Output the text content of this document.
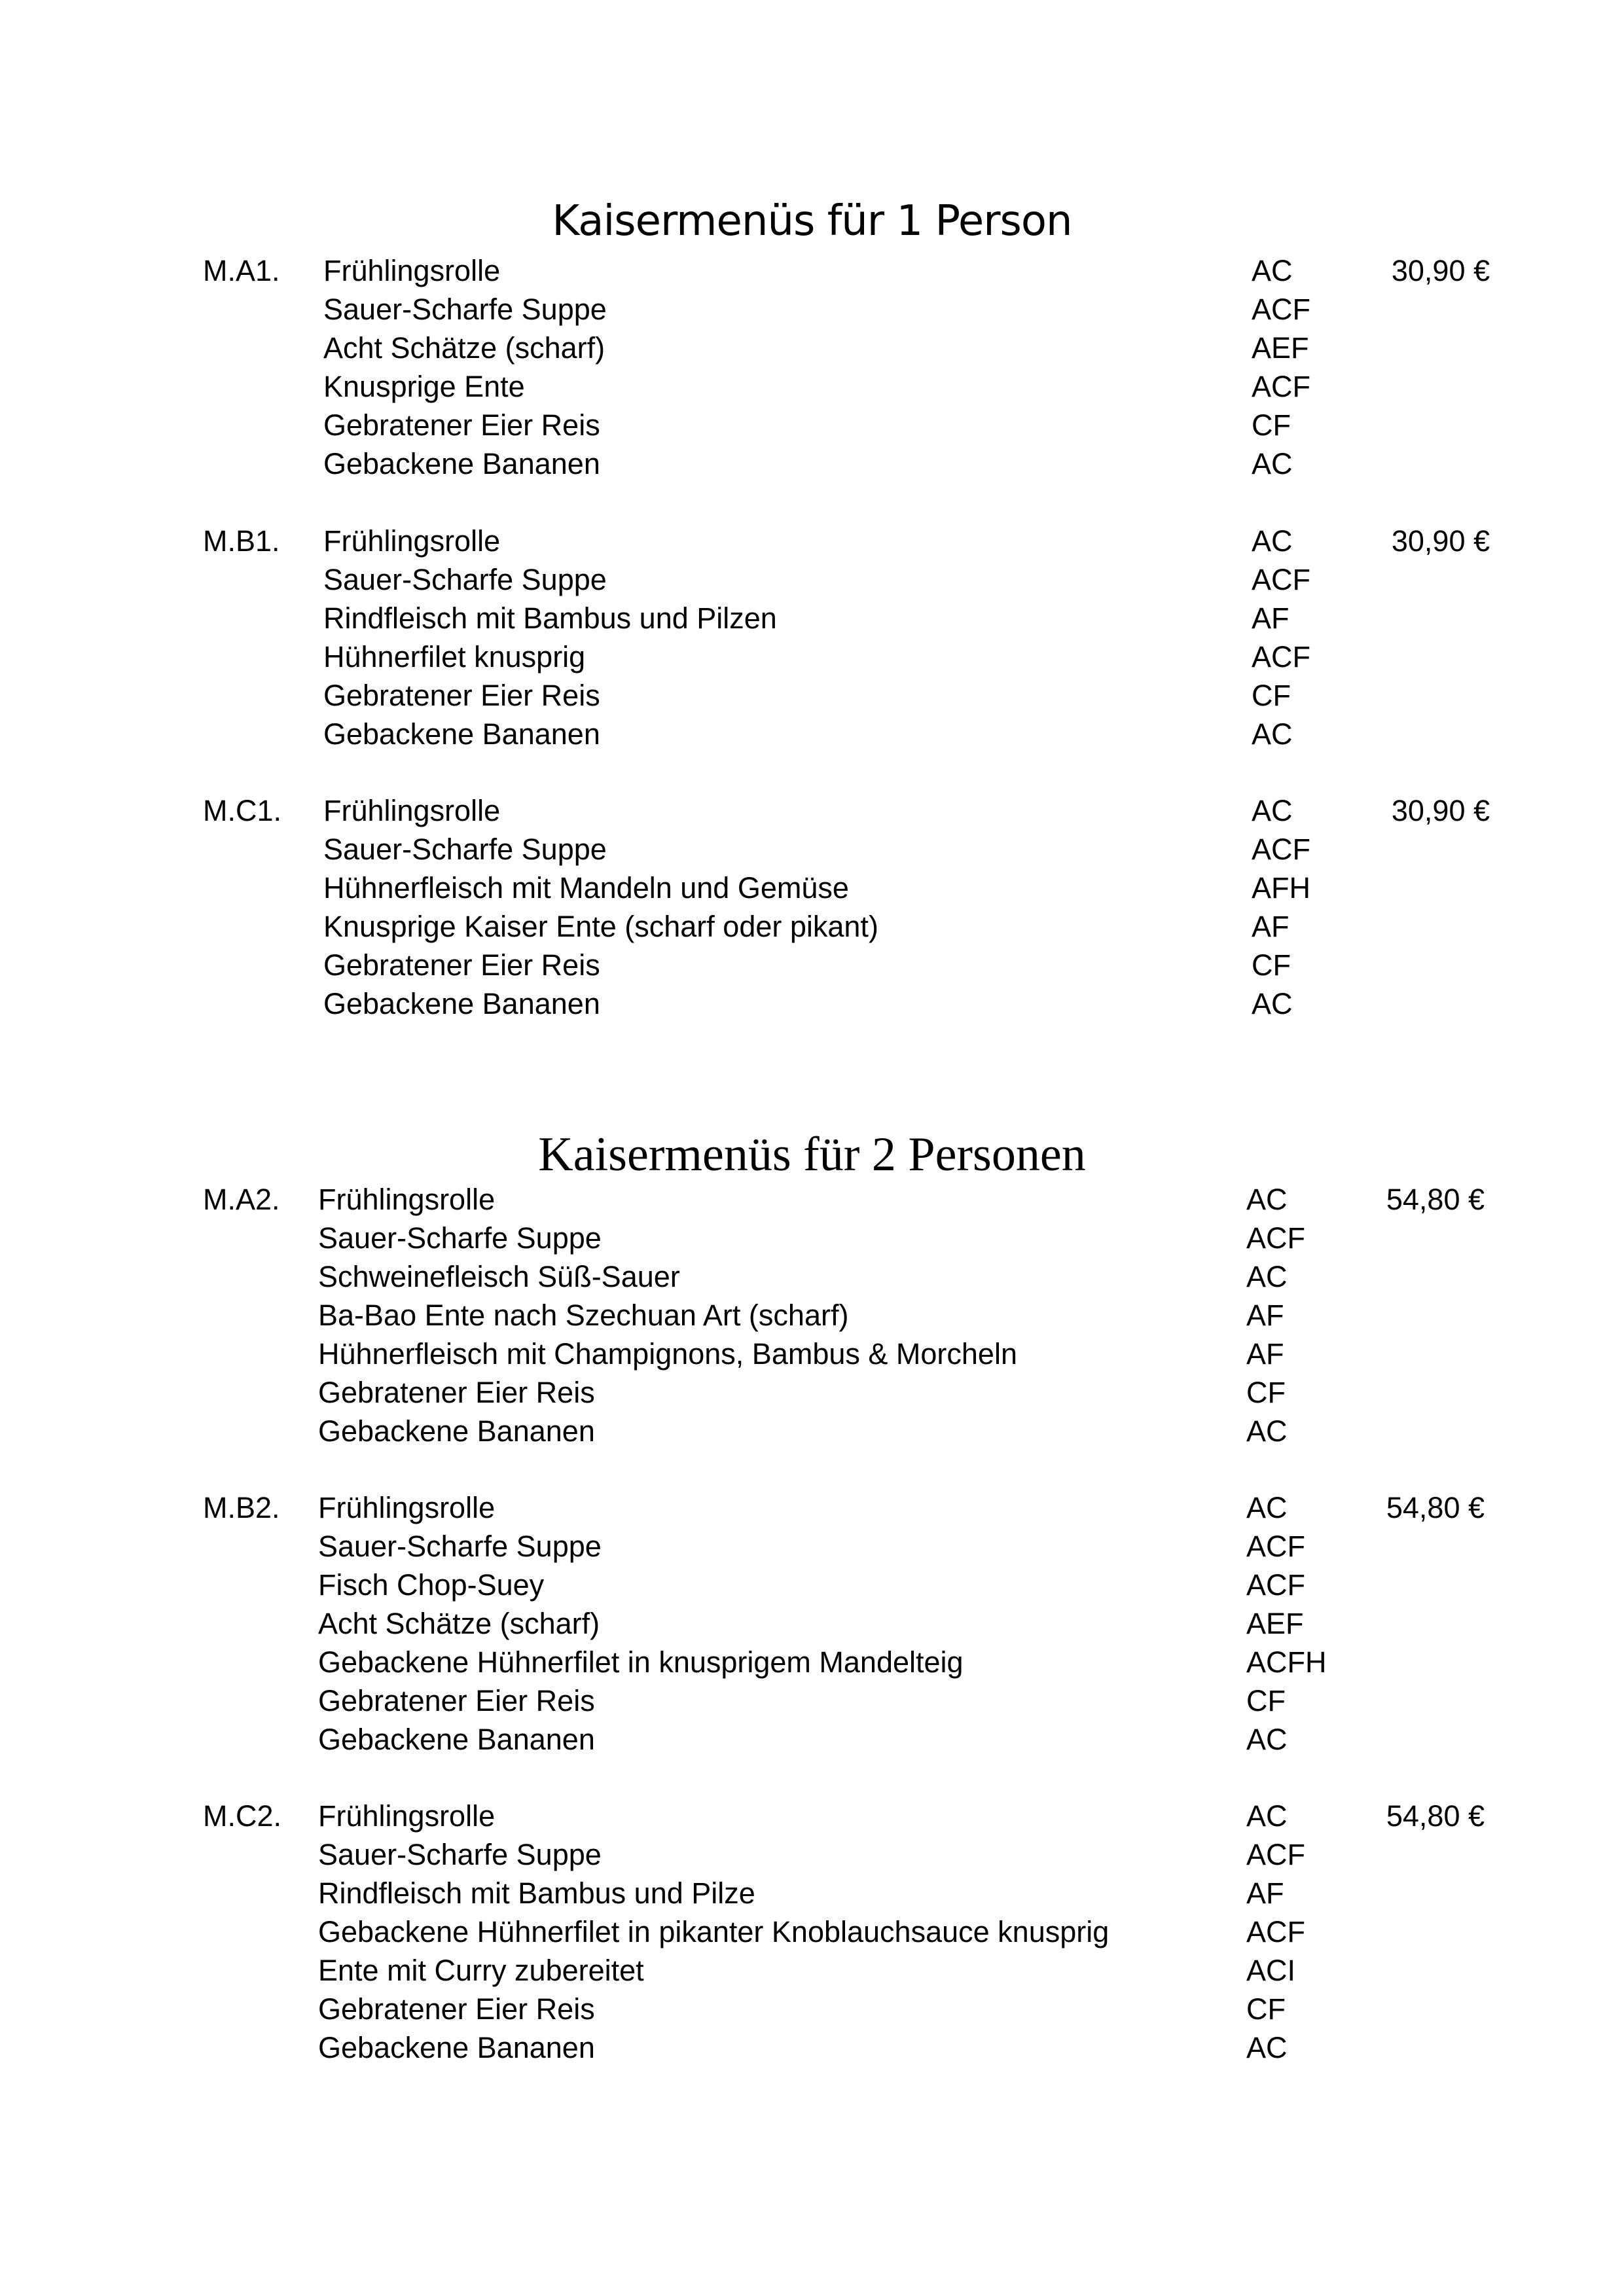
Kaisermenüs für 1 Person
M.A1. Frühlingsrolle	AC	30,90 €
Sauer-Scharfe Suppe	ACF
Acht Schätze (scharf)	AEF
Knusprige Ente	ACF
Gebratener Eier Reis	CF
Gebackene Bananen	AC
M.B1. Frühlingsrolle	AC	30,90 €
Sauer-Scharfe Suppe	ACF
Rindfleisch mit Bambus und Pilzen	AF
Hühnerfilet knusprig	ACF
Gebratener Eier Reis	CF
Gebackene Bananen	AC
M.C1. Frühlingsrolle	AC	30,90 €
Sauer-Scharfe Suppe	ACF
Hühnerfleisch mit Mandeln und Gemüse	AFH
Knusprige Kaiser Ente (scharf oder pikant)	AF
Gebratener Eier Reis	CF
Gebackene Bananen	AC
Kaisermenüs für 2 Personen
M.A2. Frühlingsrolle	AC	54,80 €
Sauer-Scharfe Suppe	ACF
Schweinefleisch Süß-Sauer	AC
Ba-Bao Ente nach Szechuan Art (scharf)	AF
Hühnerfleisch mit Champignons, Bambus & Morcheln	AF
Gebratener Eier Reis	CF
Gebackene Bananen	AC
M.B2. Frühlingsrolle	AC	54,80 €
Sauer-Scharfe Suppe	ACF
Fisch Chop-Suey	ACF
Acht Schätze (scharf)	AEF
Gebackene Hühnerfilet in knusprigem Mandelteig	ACFH
Gebratener Eier Reis	CF
Gebackene Bananen	AC
M.C2. Frühlingsrolle	AC	54,80 €
Sauer-Scharfe Suppe	ACF
Rindfleisch mit Bambus und Pilze	AF
Gebackene Hühnerfilet in pikanter Knoblauchsauce knusprig	ACF
Ente mit Curry zubereitet	ACI
Gebratener Eier Reis	CF
Gebackene Bananen	AC
